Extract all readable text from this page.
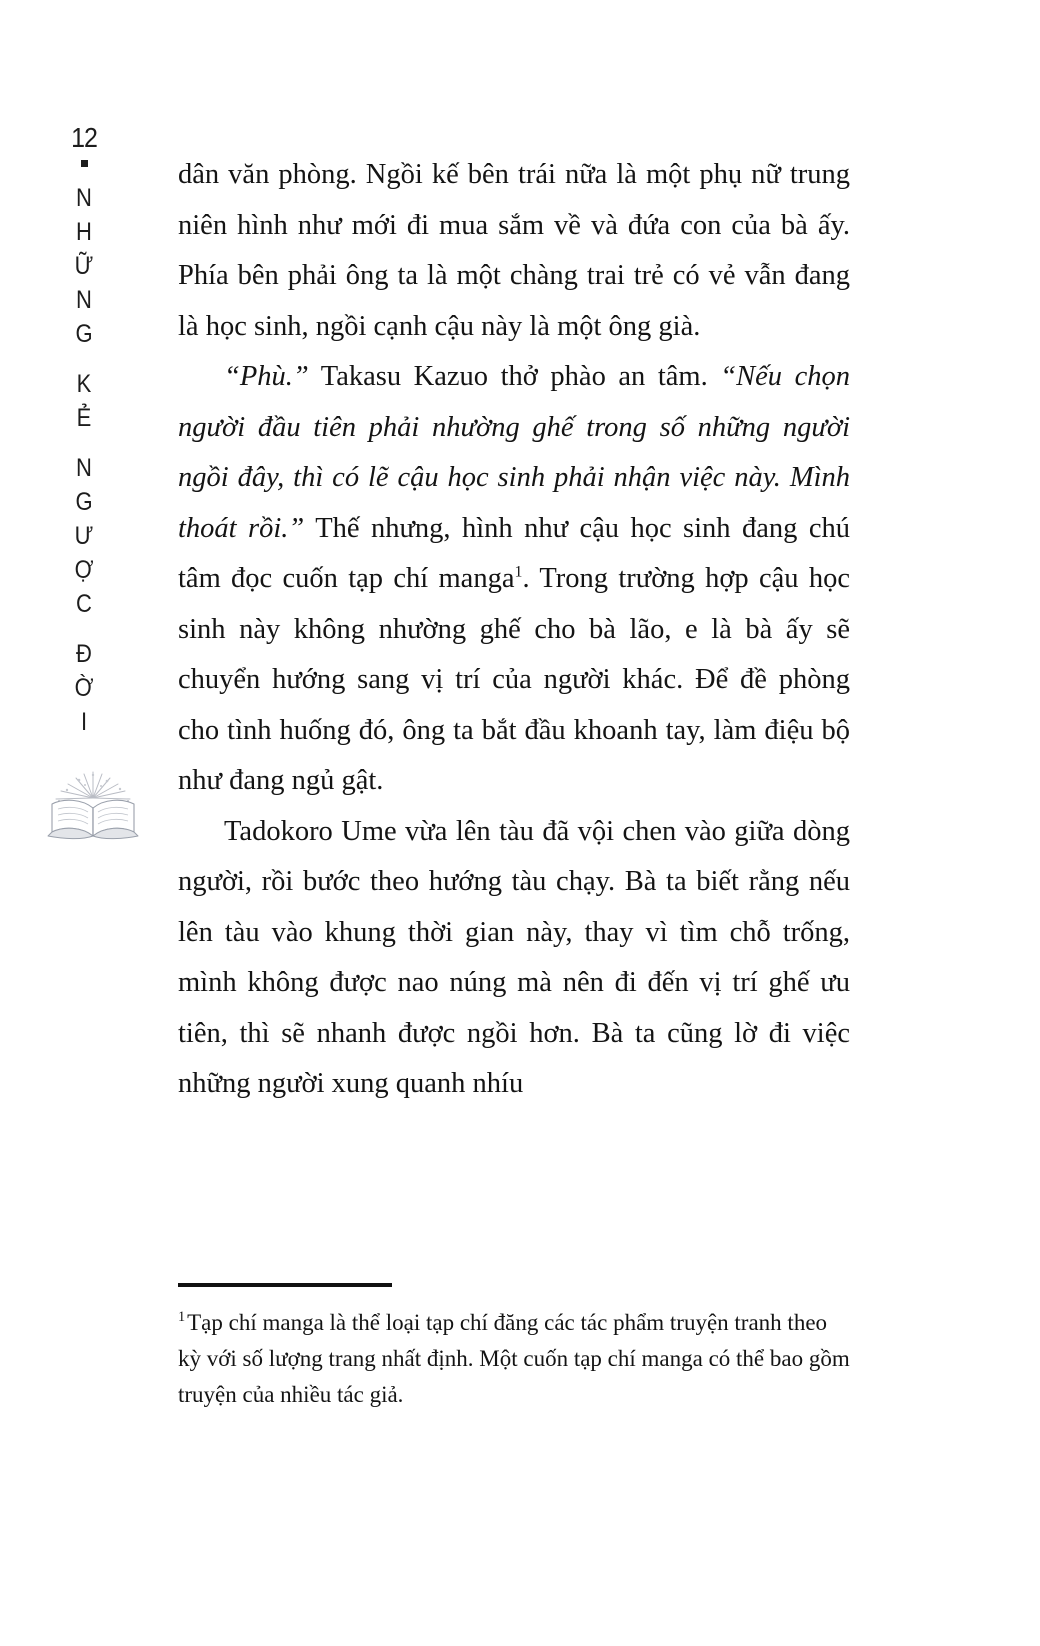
12
N
H
Ữ
N
G
K
Ẻ
N
G
Ư
Ợ
C
Đ
Ờ
I

dân văn phòng. Ngồi kế bên trái nữa là một phụ nữ trung niên hình như mới đi mua sắm về và đứa con của bà ấy. Phía bên phải ông ta là một chàng trai trẻ có vẻ vẫn đang là học sinh, ngồi cạnh cậu này là một ông già.

“Phù.” Takasu Kazuo thở phào an tâm. “Nếu chọn người đầu tiên phải nhường ghế trong số những người ngồi đây, thì có lẽ cậu học sinh phải nhận việc này. Mình thoát rồi.” Thế nhưng, hình như cậu học sinh đang chú tâm đọc cuốn tạp chí manga$^1$. Trong trường hợp cậu học sinh này không nhường ghế cho bà lão, e là bà ấy sẽ chuyển hướng sang vị trí của người khác. Để đề phòng cho tình huống đó, ông ta bắt đầu khoanh tay, làm điệu bộ như đang ngủ gật.

Tadokoro Ume vừa lên tàu đã vội chen vào giữa dòng người, rồi bước theo hướng tàu chạy. Bà ta biết rằng nếu lên tàu vào khung thời gian này, thay vì tìm chỗ trống, mình không được nao núng mà nên đi đến vị trí ghế ưu tiên, thì sẽ nhanh được ngồi hơn. Bà ta cũng lờ đi việc những người xung quanh nhíu

$^1$Tạp chí manga là thể loại tạp chí đăng các tác phẩm truyện tranh theo kỳ với số lượng trang nhất định. Một cuốn tạp chí manga có thể bao gồm truyện của nhiều tác giả.
